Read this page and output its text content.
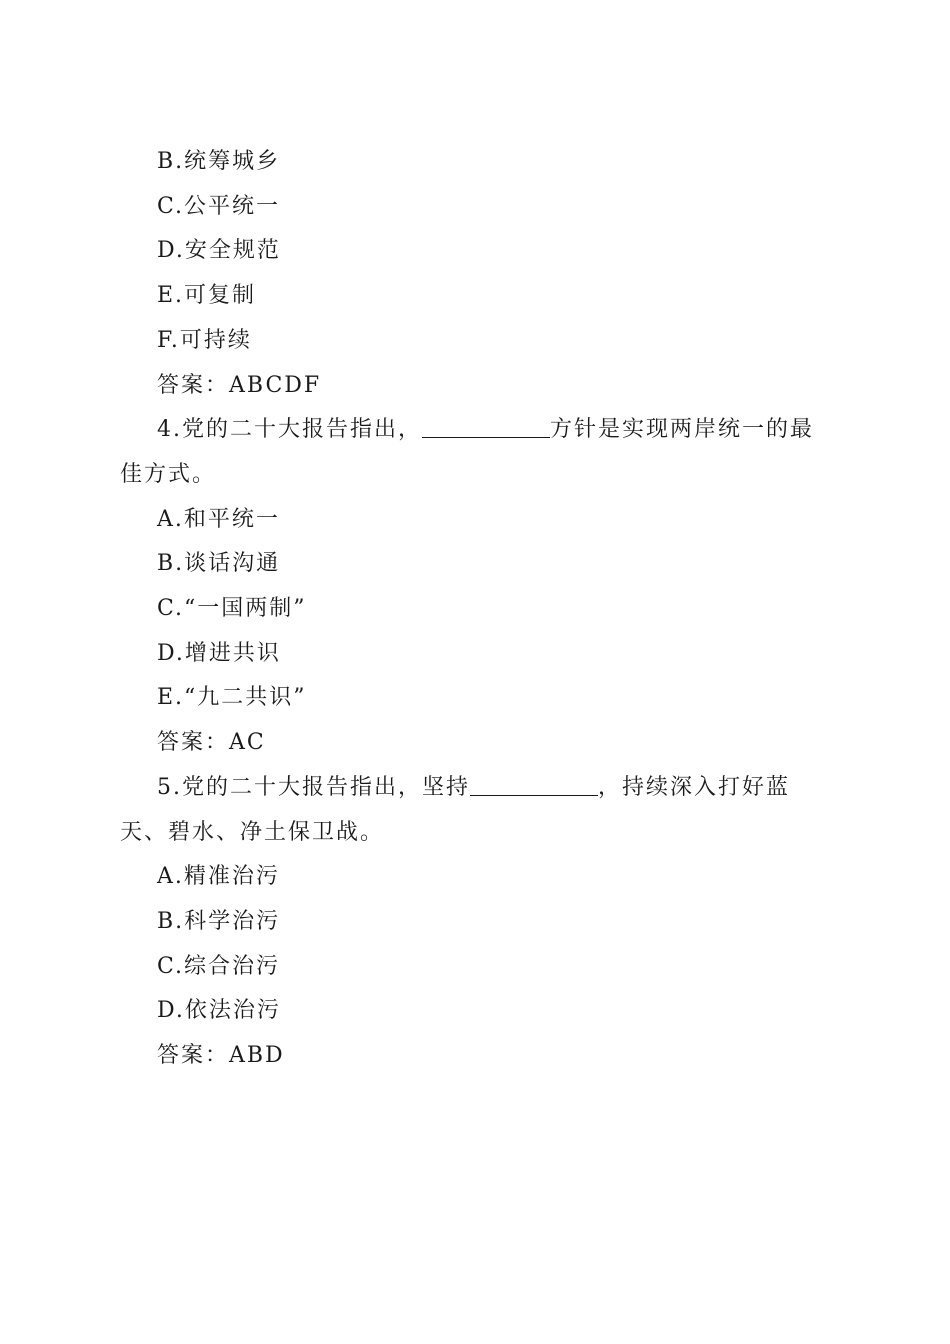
B.统筹城乡
C.公平统一
D.安全规范
E.可复制
F.可持续
答案：ABCDF
4.党的二十大报告指出，	方针是实现两岸统一的最佳方式。
A.和平统一
B.谈话沟通
C.“一国两制”
D.增进共识
E.“九二共识”
答案：AC
5.党的二十大报告指出，坚持	，持续深入打好蓝天、碧水、净土保卫战。
A.精准治污
B.科学治污
C.综合治污
D.依法治污
答案：ABD
